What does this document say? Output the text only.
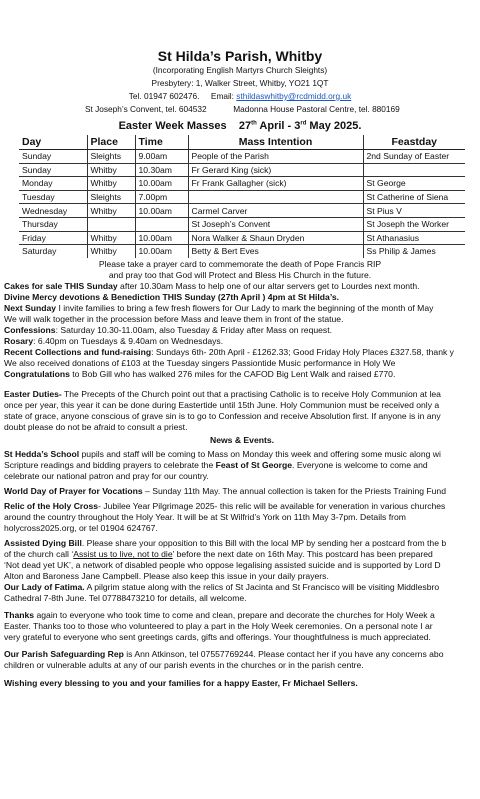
St Hilda’s Parish, Whitby
(Incorporating English Martyrs Church Sleights)
Presbytery: 1, Walker Street, Whitby, YO21 1QT
Tel. 01947 602476. Email: sthildaswhitby@rcdmidd.org.uk
St Joseph’s Convent, tel. 604532	Madonna House Pastoral Centre, tel. 880169
Easter Week Masses 27th April - 3rd May 2025.
Day	Place	Time	Mass Intention	Feastday
Sunday	Sleights	9.00am	People of the Parish	2nd Sunday of Easter
Sunday	Whitby	10.30am	Fr Gerard King (sick)	
Monday	Whitby	10.00am	Fr Frank Gallagher (sick)	St George
Tuesday	Sleights	7.00pm		St Catherine of Siena
Wednesday	Whitby	10.00am	Carmel Carver	St Pius V
Thursday			St Joseph’s Convent	St Joseph the Worker
Friday	Whitby	10.00am	Nora Walker & Shaun Dryden	St Athanasius
Saturday	Whitby	10.00am	Betty & Bert Eves	Ss Philip & James
Please take a prayer card to commemorate the death of Pope Francis RIP
and pray too that God will Protect and Bless His Church in the future.

Cakes for sale THIS Sunday after 10.30am Mass to help one of our altar servers get to Lourdes next month.

Divine Mercy devotions & Benediction THIS Sunday (27th April ) 4pm at St Hilda’s.

Next Sunday I invite families to bring a few fresh flowers for Our Lady to mark the beginning of the month of May

We will walk together in the procession before Mass and leave them in front of the statue.

Confessions: Saturday 10.30-11.00am, also Tuesday & Friday after Mass on request.

Rosary: 6.40pm on Tuesdays & 9.40am on Wednesdays.

Recent Collections and fund-raising: Sundays 6th- 20th April - £1262.33; Good Friday Holy Places £327.58, thank y

We also received donations of £103 at the Tuesday singers Passiontide Music performance in Holy We

Congratulations to Bob Gill who has walked 276 miles for the CAFOD Big Lent Walk and raised £770.

Easter Duties- The Precepts of the Church point out that a practising Catholic is to receive Holy Communion at lea

once per year, this year it can be done during Eastertide until 15th June. Holy Communion must be received only a

state of grace, anyone conscious of grave sin is to go to Confession and receive Absolution first. If anyone is in any

doubt please do not be afraid to consult a priest.

News & Events.

St Hedda’s School pupils and staff will be coming to Mass on Monday this week and offering some music along wi

Scripture readings and bidding prayers to celebrate the Feast of St George. Everyone is welcome to come and

celebrate our national patron and pray for our country.

World Day of Prayer for Vocations – Sunday 11th May. The annual collection is taken for the Priests Training Fund

Relic of the Holy Cross- Jubilee Year Pilgrimage 2025- this relic will be available for veneration in various churches

around the country throughout the Holy Year. It will be at St Wilfrid’s York on 11th May 3-7pm. Details from

holycross2025.org, or tel 01904 624767.

Assisted Dying Bill. Please share your opposition to this Bill with the local MP by sending her a postcard from the b

of the church call ‘Assist us to live, not to die’ before the next date on 16th May. This postcard has been prepared

‘Not dead yet UK’, a network of disabled people who oppose legalising assisted suicide and is supported by Lord D

Alton and Baroness Jane Campbell. Please also keep this issue in your daily prayers.

Our Lady of Fatima. A pilgrim statue along with the relics of St Jacinta and St Francisco will be visiting Middlesbro

Cathedral 7-8th June. Tel 07788473210 for details, all welcome.

Thanks again to everyone who took time to come and clean, prepare and decorate the churches for Holy Week a

Easter. Thanks too to those who volunteered to play a part in the Holy Week ceremonies. On a personal note I ar

very grateful to everyone who sent greetings cards, gifts and offerings. Your thoughtfulness is much appreciated.

Our Parish Safeguarding Rep is Ann Atkinson, tel 07557769244. Please contact her if you have any concerns abo

children or vulnerable adults at any of our parish events in the churches or in the parish centre.

Wishing every blessing to you and your families for a happy Easter, Fr Michael Sellers.
